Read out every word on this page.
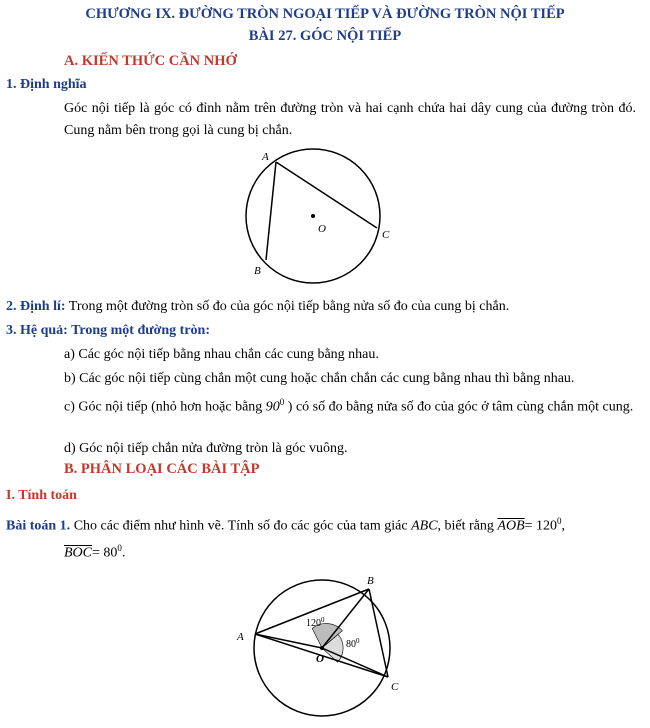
CHƯƠNG IX. ĐƯỜNG TRÒN NGOẠI TIẾP VÀ ĐƯỜNG TRÒN NỘI TIẾP
BÀI 27. GÓC NỘI TIẾP
A. KIẾN THỨC CẦN NHỚ
1. Định nghĩa
Góc nội tiếp là góc có đỉnh nằm trên đường tròn và hai cạnh chứa hai dây cung của đường tròn đó. Cung nằm bên trong gọi là cung bị chắn.
A
B
C
O
2. Định lí: Trong một đường tròn số đo của góc nội tiếp bằng nửa số đo của cung bị chắn.
3. Hệ quả: Trong một đường tròn:
a) Các góc nội tiếp bằng nhau chắn các cung bằng nhau.
b) Các góc nội tiếp cùng chắn một cung hoặc chắn chắn các cung bằng nhau thì bằng nhau.
c) Góc nội tiếp (nhỏ hơn hoặc bằng $90^0$ ) có số đo bằng nửa số đo của góc ở tâm cùng chắn một cung.
d) Góc nội tiếp chắn nửa đường tròn là góc vuông.
B. PHÂN LOẠI CÁC BÀI TẬP
I. Tính toán
Bài toán 1. Cho các điểm như hình vẽ. Tính số đo các góc của tam giác ABC, biết rằng $\overline{AOB}= 120^0$,
$\overline{BOC}= 80^0$.
A
B
C
O
$120^0$
$80^0$
